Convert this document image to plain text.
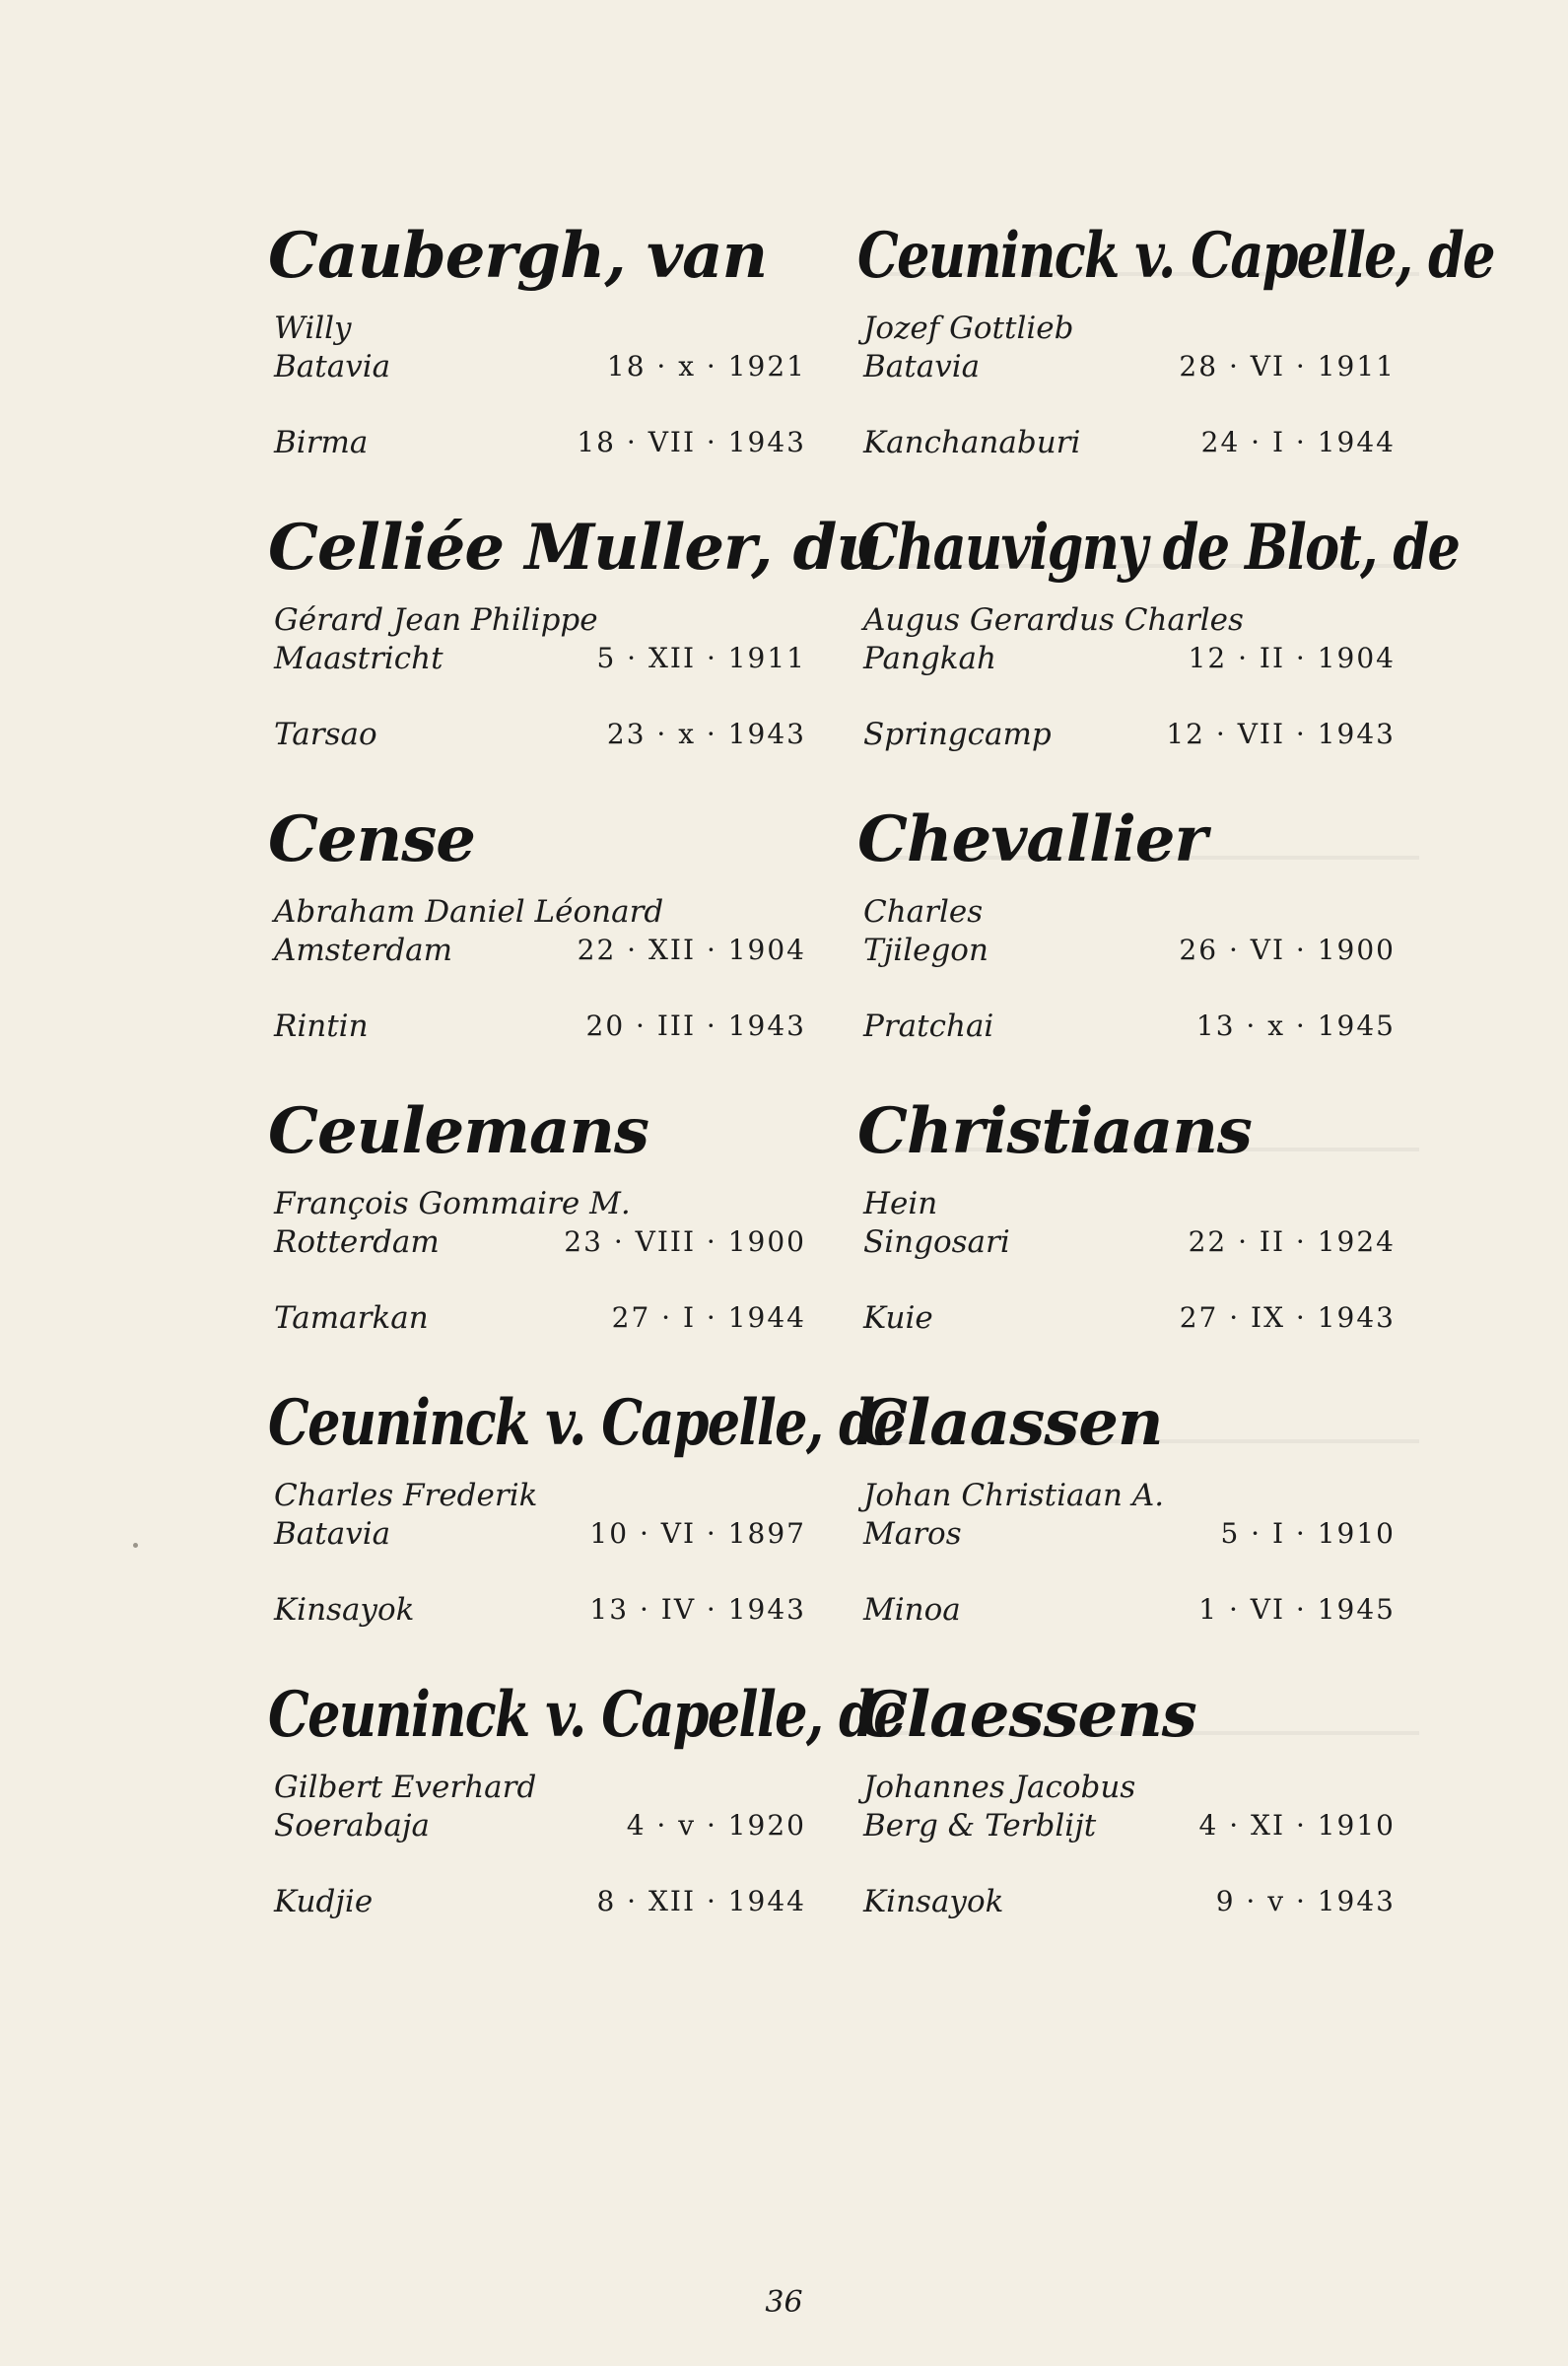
Caubergh, van
Willy
Batavia	18 · x · 1921
Birma	18 · VII · 1943
Celliée Muller, du
Gérard Jean Philippe
Maastricht	5 · XII · 1911
Tarsao	23 · x · 1943
Cense
Abraham Daniel Léonard
Amsterdam	22 · XII · 1904
Rintin	20 · III · 1943
Ceulemans
François Gommaire M.
Rotterdam	23 · VIII · 1900
Tamarkan	27 · I · 1944
Ceuninck v. Capelle, de
Charles Frederik
Batavia	10 · VI · 1897
Kinsayok	13 · IV · 1943
Ceuninck v. Capelle, de
Gilbert Everhard
Soerabaja	4 · v · 1920
Kudjie	8 · XII · 1944
Ceuninck v. Capelle, de
Jozef Gottlieb
Batavia	28 · VI · 1911
Kanchanaburi	24 · I · 1944
Chauvigny de Blot, de
Augus Gerardus Charles
Pangkah	12 · II · 1904
Springcamp	12 · VII · 1943
Chevallier
Charles
Tjilegon	26 · VI · 1900
Pratchai	13 · x · 1945
Christiaans
Hein
Singosari	22 · II · 1924
Kuie	27 · IX · 1943
Claassen
Johan Christiaan A.
Maros	5 · I · 1910
Minoa	1 · VI · 1945
Claessens
Johannes Jacobus
Berg & Terblijt	4 · XI · 1910
Kinsayok	9 · v · 1943
36
